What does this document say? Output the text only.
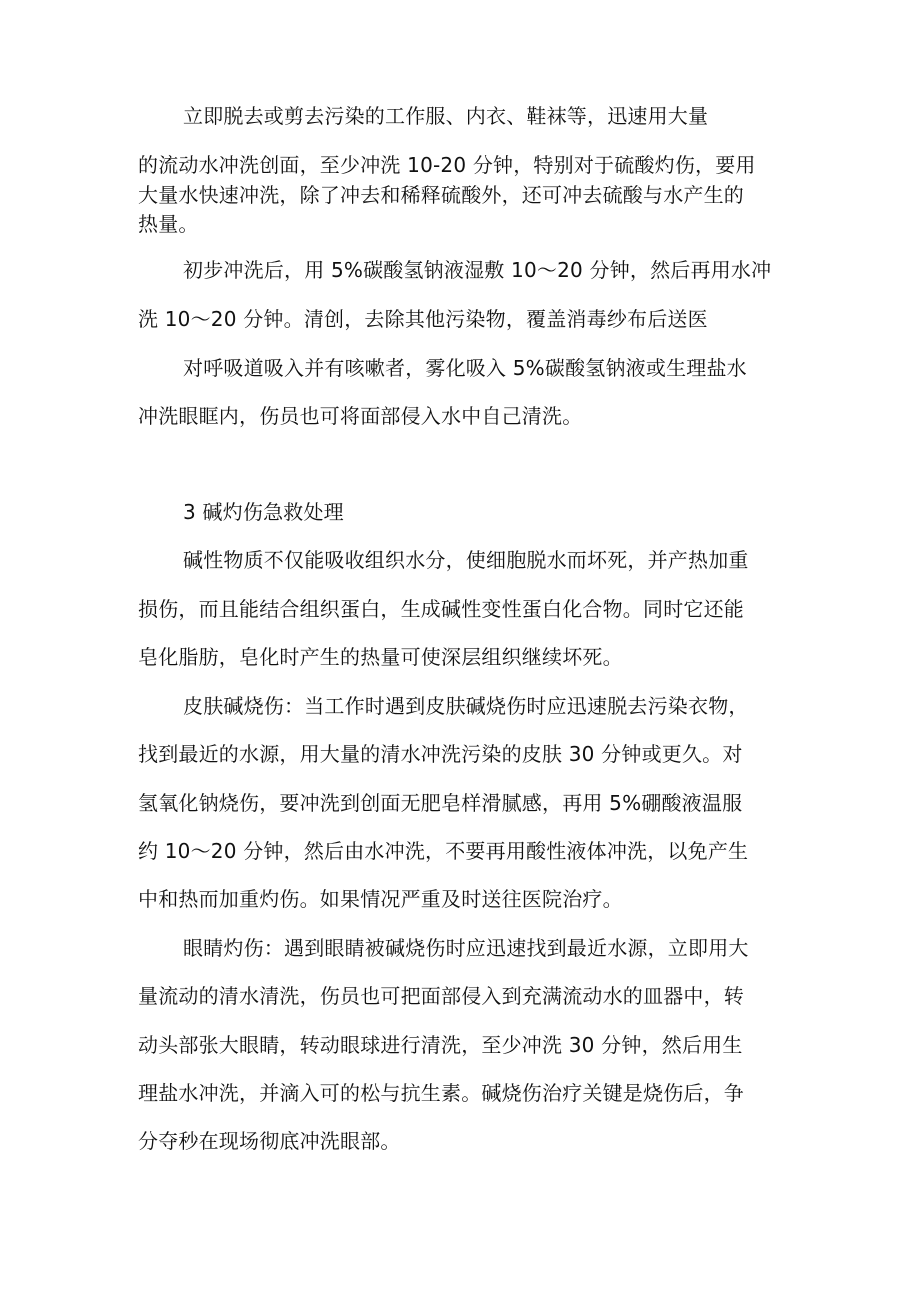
立即脱去或剪去污染的工作服、内衣、鞋袜等，迅速用大量

的流动水冲洗创面，至少冲洗 10-20 分钟，特别对于硫酸灼伤，要用

大量水快速冲洗，除了冲去和稀释硫酸外，还可冲去硫酸与水产生的

热量。

初步冲洗后，用 5%碳酸氢钠液湿敷 10～20 分钟，然后再用水冲

洗 10～20 分钟。清创，去除其他污染物，覆盖消毒纱布后送医

对呼吸道吸入并有咳嗽者，雾化吸入 5%碳酸氢钠液或生理盐水

冲洗眼眶内，伤员也可将面部侵入水中自己清洗。

3 碱灼伤急救处理

碱性物质不仅能吸收组织水分，使细胞脱水而坏死，并产热加重

损伤，而且能结合组织蛋白，生成碱性变性蛋白化合物。同时它还能

皂化脂肪，皂化时产生的热量可使深层组织继续坏死。

皮肤碱烧伤：当工作时遇到皮肤碱烧伤时应迅速脱去污染衣物，

找到最近的水源，用大量的清水冲洗污染的皮肤 30 分钟或更久。对

氢氧化钠烧伤，要冲洗到创面无肥皂样滑腻感，再用 5%硼酸液温服

约 10～20 分钟，然后由水冲洗，不要再用酸性液体冲洗，以免产生

中和热而加重灼伤。如果情况严重及时送往医院治疗。

眼睛灼伤：遇到眼睛被碱烧伤时应迅速找到最近水源，立即用大

量流动的清水清洗，伤员也可把面部侵入到充满流动水的皿器中，转

动头部张大眼睛，转动眼球进行清洗，至少冲洗 30 分钟，然后用生

理盐水冲洗，并滴入可的松与抗生素。碱烧伤治疗关键是烧伤后，争

分夺秒在现场彻底冲洗眼部。
